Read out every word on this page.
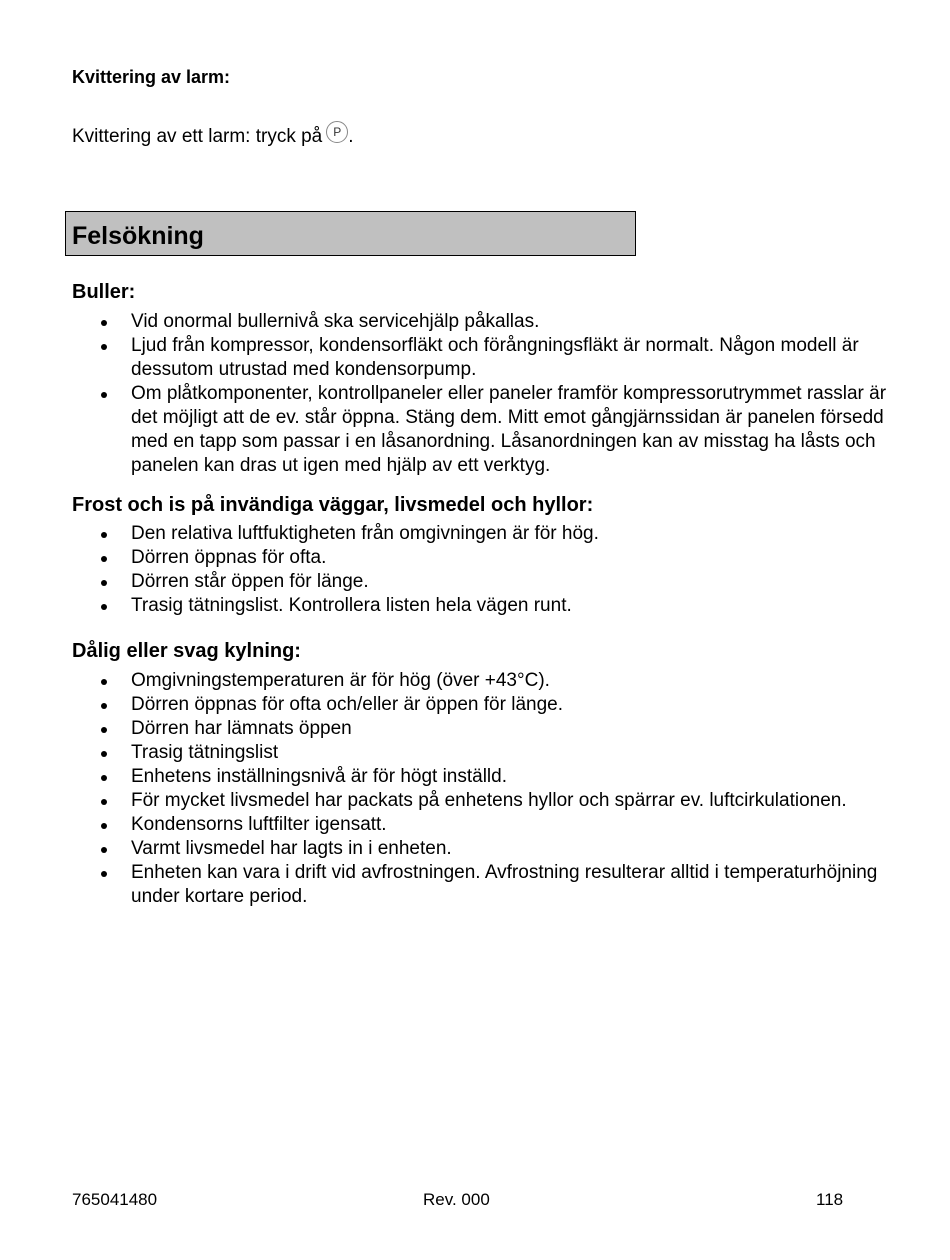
Kvittering av larm:
Kvittering av ett larm: tryck på P .
Felsökning
Buller:
Vid onormal bullernivå ska servicehjälp påkallas.
Ljud från kompressor, kondensorfläkt och förångningsfläkt är normalt. Någon modell är dessutom utrustad med kondensorpump.
Om plåtkomponenter, kontrollpaneler eller paneler framför kompressorutrymmet rasslar är det möjligt att de ev. står öppna. Stäng dem. Mitt emot gångjärnssidan är panelen försedd med en tapp som passar i en låsanordning. Låsanordningen kan av misstag ha låsts och panelen kan dras ut igen med hjälp av ett verktyg.
Frost och is på invändiga väggar, livsmedel och hyllor:
Den relativa luftfuktigheten från omgivningen är för hög.
Dörren öppnas för ofta.
Dörren står öppen för länge.
Trasig tätningslist. Kontrollera listen hela vägen runt.
Dålig eller svag kylning:
Omgivningstemperaturen är för hög (över +43°C).
Dörren öppnas för ofta och/eller är öppen för länge.
Dörren har lämnats öppen
Trasig tätningslist
Enhetens inställningsnivå är för högt inställd.
För mycket livsmedel har packats på enhetens hyllor och spärrar ev. luftcirkulationen.
Kondensorns luftfilter igensatt.
Varmt livsmedel har lagts in i enheten.
Enheten kan vara i drift vid avfrostningen. Avfrostning resulterar alltid i temperaturhöjning under kortare period.
765041480	Rev. 000	118
